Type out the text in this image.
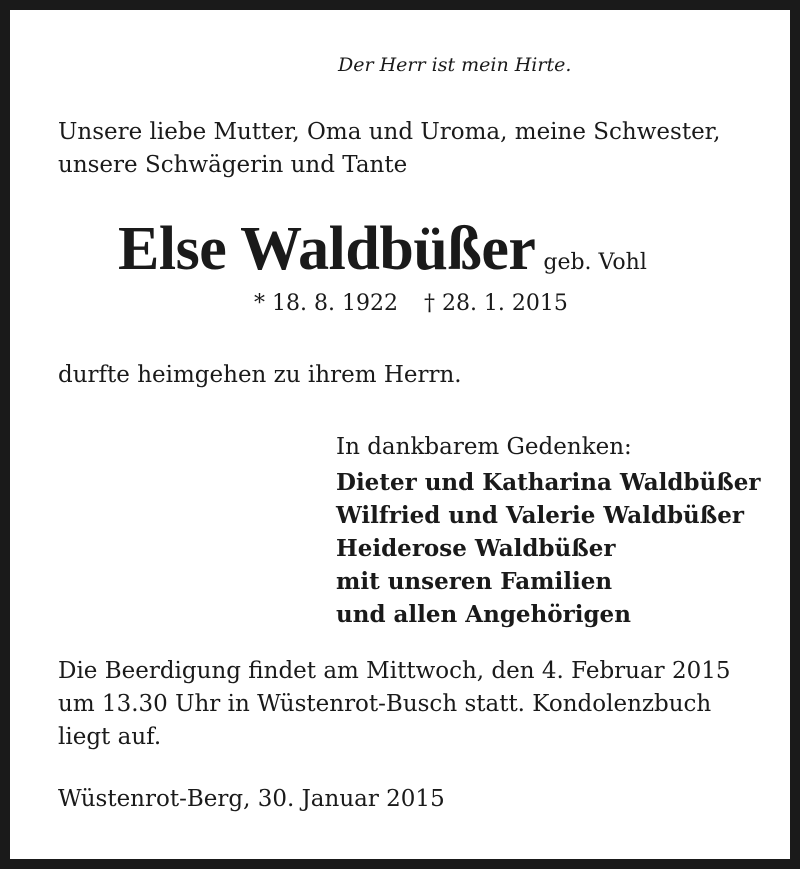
Der Herr ist mein Hirte.

Unsere liebe Mutter, Oma und Uroma, meine Schwester,
unsere Schwägerin und Tante
Else Waldbüßer geb. Vohl
* 18. 8. 1922 † 28. 1. 2015

durfte heimgehen zu ihrem Herrn.

In dankbarem Gedenken:

Dieter und Katharina Waldbüßer
Wilfried und Valerie Waldbüßer
Heiderose Waldbüßer
mit unseren Familien
und allen Angehörigen
Die Beerdigung findet am Mittwoch, den 4. Februar 2015
um 13.30 Uhr in Wüstenrot-Busch statt. Kondolenzbuch
liegt auf.

Wüstenrot-Berg, 30. Januar 2015
